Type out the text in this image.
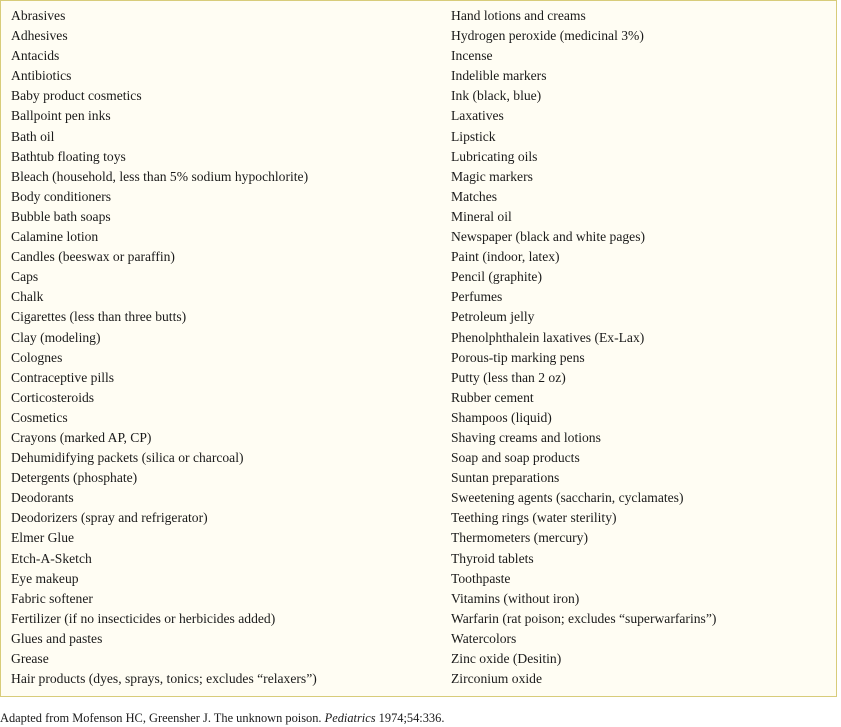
Abrasives
Adhesives
Antacids
Antibiotics
Baby product cosmetics
Ballpoint pen inks
Bath oil
Bathtub floating toys
Bleach (household, less than 5% sodium hypochlorite)
Body conditioners
Bubble bath soaps
Calamine lotion
Candles (beeswax or paraffin)
Caps
Chalk
Cigarettes (less than three butts)
Clay (modeling)
Colognes
Contraceptive pills
Corticosteroids
Cosmetics
Crayons (marked AP, CP)
Dehumidifying packets (silica or charcoal)
Detergents (phosphate)
Deodorants
Deodorizers (spray and refrigerator)
Elmer Glue
Etch-A-Sketch
Eye makeup
Fabric softener
Fertilizer (if no insecticides or herbicides added)
Glues and pastes
Grease
Hair products (dyes, sprays, tonics; excludes “relaxers”)
Hand lotions and creams
Hydrogen peroxide (medicinal 3%)
Incense
Indelible markers
Ink (black, blue)
Laxatives
Lipstick
Lubricating oils
Magic markers
Matches
Mineral oil
Newspaper (black and white pages)
Paint (indoor, latex)
Pencil (graphite)
Perfumes
Petroleum jelly
Phenolphthalein laxatives (Ex-Lax)
Porous-tip marking pens
Putty (less than 2 oz)
Rubber cement
Shampoos (liquid)
Shaving creams and lotions
Soap and soap products
Suntan preparations
Sweetening agents (saccharin, cyclamates)
Teething rings (water sterility)
Thermometers (mercury)
Thyroid tablets
Toothpaste
Vitamins (without iron)
Warfarin (rat poison; excludes “superwarfarins”)
Watercolors
Zinc oxide (Desitin)
Zirconium oxide
Adapted from Mofenson HC, Greensher J. The unknown poison. Pediatrics 1974;54:336.
